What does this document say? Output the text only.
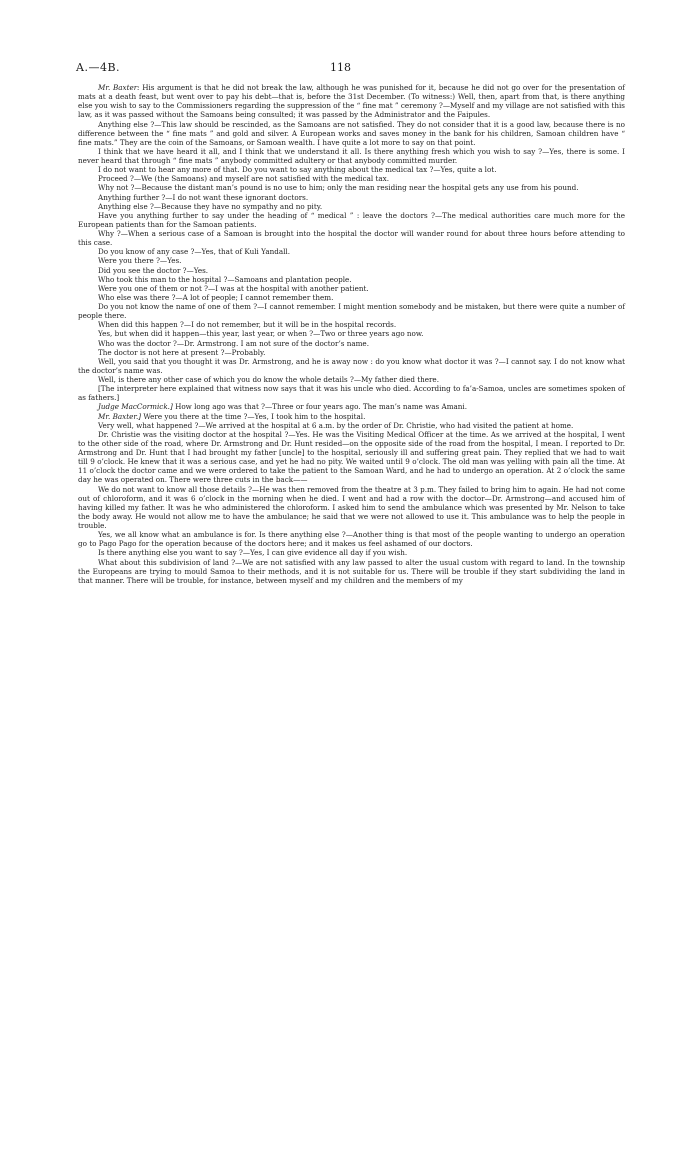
A.—4B.	118

Mr. Baxter: His argument is that he did not break the law, although he was punished for it, because he did not go over for the presentation of mats at a death feast, but went over to pay his debt—that is, before the 31st December. (To witness:) Well, then, apart from that, is there anything else you wish to say to the Commissioners regarding the suppression of the “ fine mat ” ceremony ?—Myself and my village are not satisfied with this law, as it was passed without the Samoans being consulted; it was passed by the Administrator and the Faipules.

Anything else ?—This law should be rescinded, as the Samoans are not satisfied. They do not consider that it is a good law, because there is no difference between the “ fine mats ” and gold and silver. A European works and saves money in the bank for his children, Samoan children have “ fine mats.” They are the coin of the Samoans, or Samoan wealth. I have quite a lot more to say on that point.

I think that we have heard it all, and I think that we understand it all. Is there anything fresh which you wish to say ?—Yes, there is some. I never heard that through “ fine mats ” anybody committed adultery or that anybody committed murder.

I do not want to hear any more of that. Do you want to say anything about the medical tax ?—Yes, quite a lot.

Proceed ?—We (the Samoans) and myself are not satisfied with the medical tax.

Why not ?—Because the distant man’s pound is no use to him; only the man residing near the hospital gets any use from his pound.

Anything further ?—I do not want these ignorant doctors.

Anything else ?—Because they have no sympathy and no pity.

Have you anything further to say under the heading of “ medical ” : leave the doctors ?—The medical authorities care much more for the European patients than for the Samoan patients.

Why ?—When a serious case of a Samoan is brought into the hospital the doctor will wander round for about three hours before attending to this case.

Do you know of any case ?—Yes, that of Kuli Yandall.

Were you there ?—Yes.

Did you see the doctor ?—Yes.

Who took this man to the hospital ?—Samoans and plantation people.

Were you one of them or not ?—I was at the hospital with another patient.

Who else was there ?—A lot of people; I cannot remember them.

Do you not know the name of one of them ?—I cannot remember. I might mention somebody and be mistaken, but there were quite a number of people there.

When did this happen ?—I do not remember, but it will be in the hospital records.

Yes, but when did it happen—this year, last year, or when ?—Two or three years ago now.

Who was the doctor ?—Dr. Armstrong. I am not sure of the doctor’s name.

The doctor is not here at present ?—Probably.

Well, you said that you thought it was Dr. Armstrong, and he is away now : do you know what doctor it was ?—I cannot say. I do not know what the doctor’s name was.

Well, is there any other case of which you do know the whole details ?—My father died there.

[The interpreter here explained that witness now says that it was his uncle who died. According to fa’a-Samoa, uncles are sometimes spoken of as fathers.]

Judge MacCormick.] How long ago was that ?—Three or four years ago. The man’s name was Amani.

Mr. Baxter.] Were you there at the time ?—Yes, I took him to the hospital.

Very well, what happened ?—We arrived at the hospital at 6 a.m. by the order of Dr. Christie, who had visited the patient at home.

Dr. Christie was the visiting doctor at the hospital ?—Yes. He was the Visiting Medical Officer at the time. As we arrived at the hospital, I went to the other side of the road, where Dr. Armstrong and Dr. Hunt resided—on the opposite side of the road from the hospital, I mean. I reported to Dr. Armstrong and Dr. Hunt that I had brought my father [uncle] to the hospital, seriously ill and suffering great pain. They replied that we had to wait till 9 o’clock. He knew that it was a serious case, and yet he had no pity. We waited until 9 o’clock. The old man was yelling with pain all the time. At 11 o’clock the doctor came and we were ordered to take the patient to the Samoan Ward, and he had to undergo an operation. At 2 o’clock the same day he was operated on. There were three cuts in the back——

We do not want to know all those details ?—He was then removed from the theatre at 3 p.m. They failed to bring him to again. He had not come out of chloroform, and it was 6 o’clock in the morning when he died. I went and had a row with the doctor—Dr. Armstrong—and accused him of having killed my father. It was he who administered the chloroform. I asked him to send the ambulance which was presented by Mr. Nelson to take the body away. He would not allow me to have the ambulance; he said that we were not allowed to use it. This ambulance was to help the people in trouble.

Yes, we all know what an ambulance is for. Is there anything else ?—Another thing is that most of the people wanting to undergo an operation go to Pago Pago for the operation because of the doctors here; and it makes us feel ashamed of our doctors.

Is there anything else you want to say ?—Yes, I can give evidence all day if you wish.

What about this subdivision of land ?—We are not satisfied with any law passed to alter the usual custom with regard to land. In the township the Europeans are trying to mould Samoa to their methods, and it is not suitable for us. There will be trouble if they start subdividing the land in that manner. There will be trouble, for instance, between myself and my children and the members of my
